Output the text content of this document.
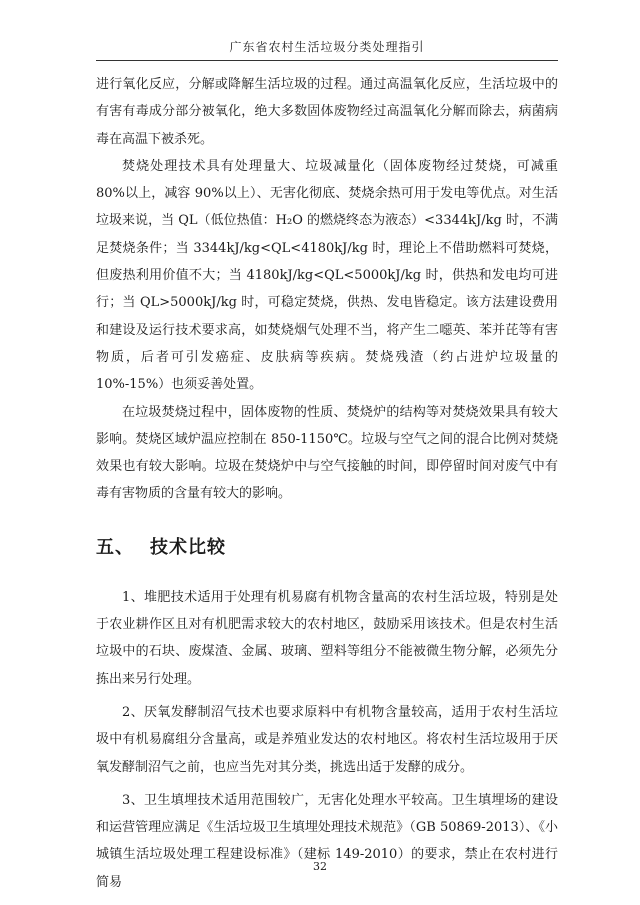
广东省农村生活垃圾分类处理指引

进行氧化反应，分解或降解生活垃圾的过程。通过高温氧化反应，生活垃圾中的有害有毒成分部分被氧化，绝大多数固体废物经过高温氧化分解而除去，病菌病毒在高温下被杀死。

焚烧处理技术具有处理量大、垃圾减量化（固体废物经过焚烧，可减重 80%以上，减容 90%以上）、无害化彻底、焚烧余热可用于发电等优点。对生活垃圾来说，当 QL（低位热值：H₂O 的燃烧终态为液态）<3344kJ/kg 时，不满足焚烧条件；当 3344kJ/kg<QL<4180kJ/kg 时，理论上不借助燃料可焚烧，但废热利用价值不大；当 4180kJ/kg<QL<5000kJ/kg 时，供热和发电均可进行；当 QL>5000kJ/kg 时，可稳定焚烧，供热、发电皆稳定。该方法建设费用和建设及运行技术要求高，如焚烧烟气处理不当，将产生二噁英、苯并芘等有害物质，后者可引发癌症、皮肤病等疾病。焚烧残渣（约占进炉垃圾量的 10%-15%）也须妥善处置。

在垃圾焚烧过程中，固体废物的性质、焚烧炉的结构等对焚烧效果具有较大影响。焚烧区域炉温应控制在 850-1150℃。垃圾与空气之间的混合比例对焚烧效果也有较大影响。垃圾在焚烧炉中与空气接触的时间，即停留时间对废气中有毒有害物质的含量有较大的影响。

五、 技术比较

1、堆肥技术适用于处理有机易腐有机物含量高的农村生活垃圾，特别是处于农业耕作区且对有机肥需求较大的农村地区，鼓励采用该技术。但是农村生活垃圾中的石块、废煤渣、金属、玻璃、塑料等组分不能被微生物分解，必须先分拣出来另行处理。

2、厌氧发酵制沼气技术也要求原料中有机物含量较高，适用于农村生活垃圾中有机易腐组分含量高，或是养殖业发达的农村地区。将农村生活垃圾用于厌氧发酵制沼气之前，也应当先对其分类，挑选出适于发酵的成分。

3、卫生填埋技术适用范围较广，无害化处理水平较高。卫生填埋场的建设和运营管理应满足《生活垃圾卫生填埋处理技术规范》（GB 50869-2013）、《小城镇生活垃圾处理工程建设标准》（建标 149-2010）的要求，禁止在农村进行简易

32
